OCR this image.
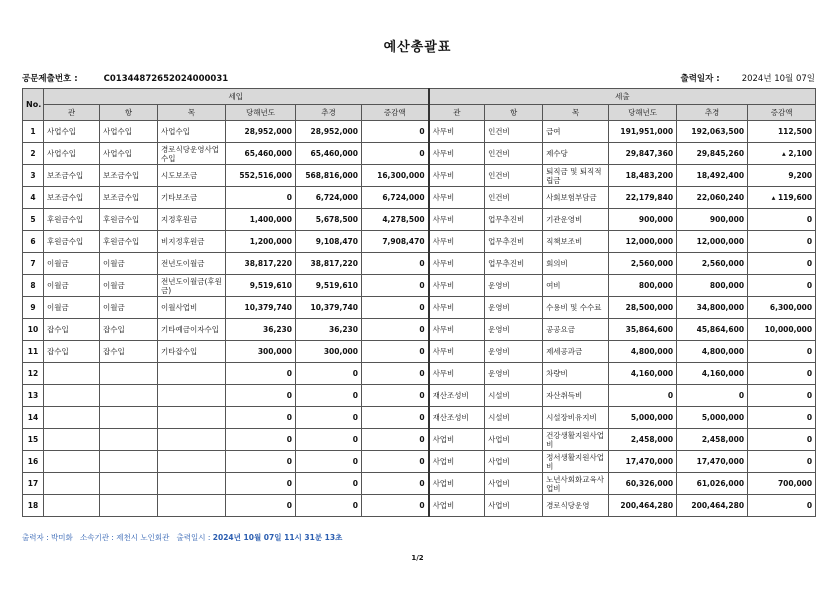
예산총괄표
공문제출번호 :	C01344872652024000031	출력일자 :	2024년 10월 07일
No.	세입						세출					
	관	항	목	당해년도	추경	증감액	관	항	목	당해년도	추경	증감액
1	사업수입	사업수입	사업수입	28,952,000	28,952,000	0	사무비	인건비	급여	191,951,000	192,063,500	112,500
2	사업수입	사업수입	경로식당운영사업수입	65,460,000	65,460,000	0	사무비	인건비	제수당	29,847,360	29,845,260	▴ 2,100
3	보조금수입	보조금수입	시도보조금	552,516,000	568,816,000	16,300,000	사무비	인건비	퇴직금 및 퇴직적립금	18,483,200	18,492,400	9,200
4	보조금수입	보조금수입	기타보조금	0	6,724,000	6,724,000	사무비	인건비	사회보험부담금	22,179,840	22,060,240	▴ 119,600
5	후원금수입	후원금수입	지정후원금	1,400,000	5,678,500	4,278,500	사무비	업무추진비	기관운영비	900,000	900,000	0
6	후원금수입	후원금수입	비지정후원금	1,200,000	9,108,470	7,908,470	사무비	업무추진비	직책보조비	12,000,000	12,000,000	0
7	이월금	이월금	전년도이월금	38,817,220	38,817,220	0	사무비	업무추진비	회의비	2,560,000	2,560,000	0
8	이월금	이월금	전년도이월금(후원금)	9,519,610	9,519,610	0	사무비	운영비	여비	800,000	800,000	0
9	이월금	이월금	이월사업비	10,379,740	10,379,740	0	사무비	운영비	수용비 및 수수료	28,500,000	34,800,000	6,300,000
10	잡수입	잡수입	기타예금이자수입	36,230	36,230	0	사무비	운영비	공공요금	35,864,600	45,864,600	10,000,000
11	잡수입	잡수입	기타잡수입	300,000	300,000	0	사무비	운영비	제세공과금	4,800,000	4,800,000	0
12				0	0	0	사무비	운영비	차량비	4,160,000	4,160,000	0
13				0	0	0	재산조성비	시설비	자산취득비	0	0	0
14				0	0	0	재산조성비	시설비	시설장비유지비	5,000,000	5,000,000	0
15				0	0	0	사업비	사업비	건강생활지원사업비	2,458,000	2,458,000	0
16				0	0	0	사업비	사업비	정서생활지원사업비	17,470,000	17,470,000	0
17				0	0	0	사업비	사업비	노년사회화교육사업비	60,326,000	61,026,000	700,000
18				0	0	0	사업비	사업비	경로식당운영	200,464,280	200,464,280	0
출력자 : 박미화 소속기관 : 제천시 노인회관 출력일시 : 2024년 10월 07일 11시 31분 13초
1/2
